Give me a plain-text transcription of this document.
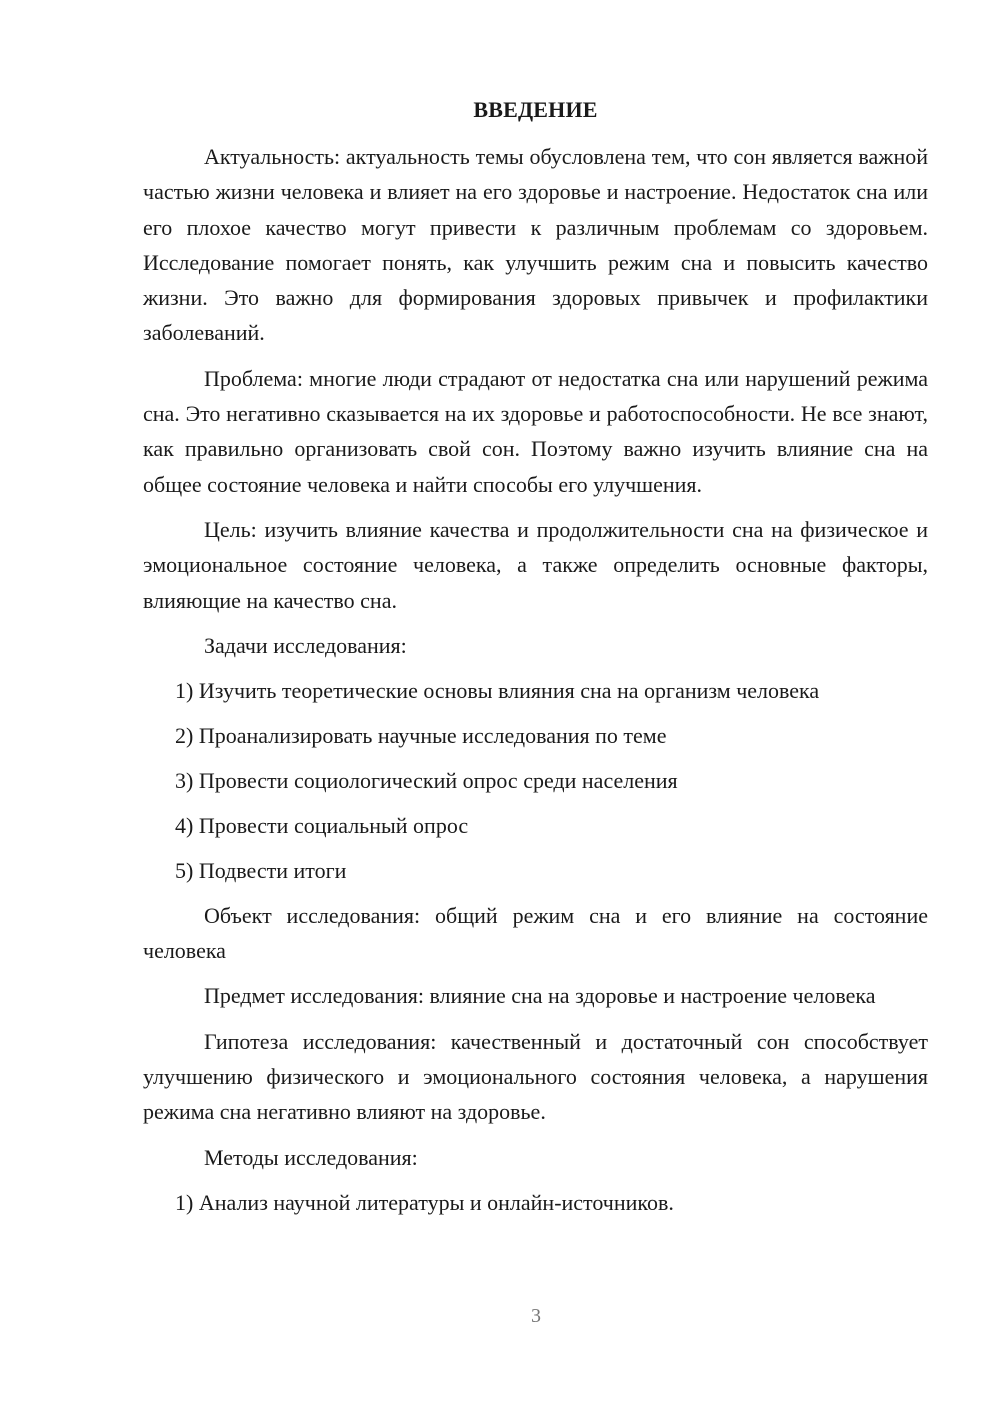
ВВЕДЕНИЕ

Актуальность: актуальность темы обусловлена тем, что сон является важной частью жизни человека и влияет на его здоровье и настроение. Недостаток сна или его плохое качество могут привести к различным проблемам со здоровьем. Исследование помогает понять, как улучшить режим сна и повысить качество жизни. Это важно для формирования здоровых привычек и профилактики заболеваний.

Проблема: многие люди страдают от недостатка сна или нарушений режима сна. Это негативно сказывается на их здоровье и работоспособности. Не все знают, как правильно организовать свой сон. Поэтому важно изучить влияние сна на общее состояние человека и найти способы его улучшения.

Цель: изучить влияние качества и продолжительности сна на физическое и эмоциональное состояние человека, а также определить основные факторы, влияющие на качество сна.

Задачи исследования:

1) Изучить теоретические основы влияния сна на организм человека

2) Проанализировать научные исследования по теме

3) Провести социологический опрос среди населения

4) Провести социальный опрос

5) Подвести итоги

Объект исследования: общий режим сна и его влияние на состояние человека

Предмет исследования: влияние сна на здоровье и настроение человека

Гипотеза исследования: качественный и достаточный сон способствует улучшению физического и эмоционального состояния человека, а нарушения режима сна негативно влияют на здоровье.

Методы исследования:

1) Анализ научной литературы и онлайн-источников.

3
